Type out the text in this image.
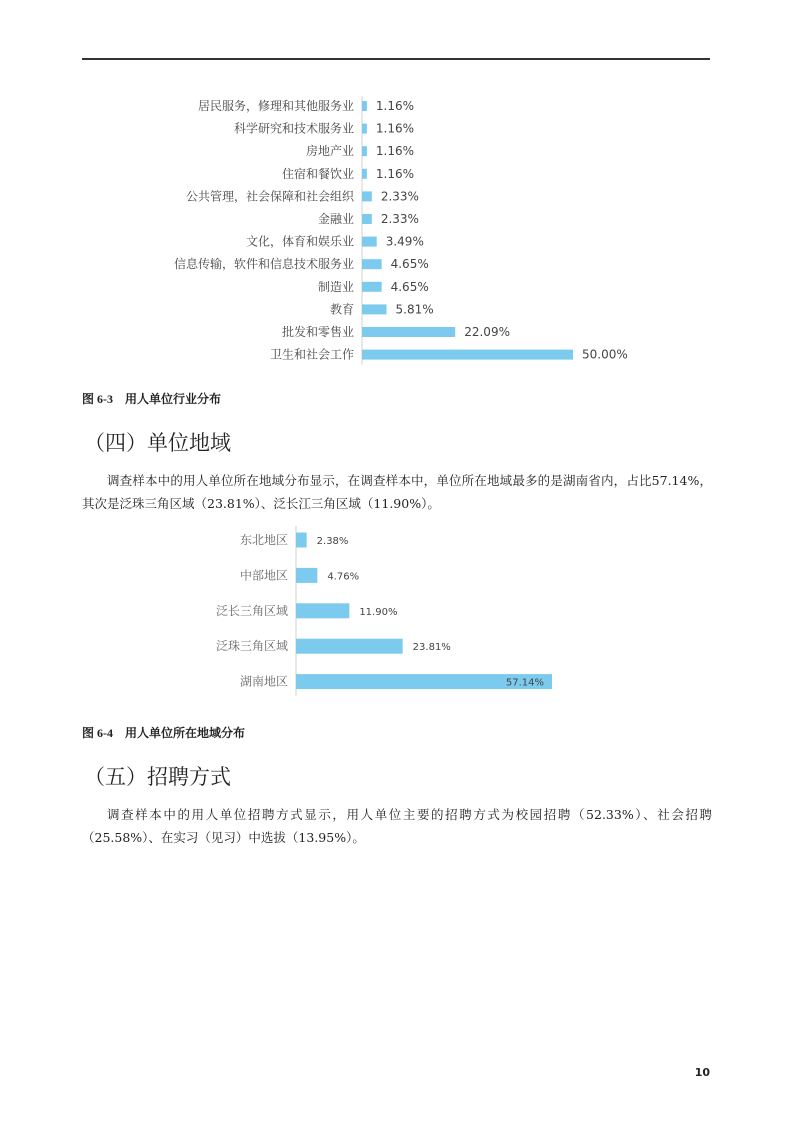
居民服务，修理和其他服务业 1.16%
科学研究和技术服务业 1.16%
房地产业 1.16%
住宿和餐饮业 1.16%
公共管理，社会保障和社会组织 2.33%
金融业 2.33%
文化，体育和娱乐业	3.49%
信息传输，软件和信息技术服务业	4.65%
制造业	4.65%
教育	5.81%
批发和零售业	22.09%
卫生和社会工作	50.00%

图 6-3 用人单位行业分布

（四）单位地域

调查样本中的用人单位所在地域分布显示，在调查样本中，单位所在地域最多的是湖南省内，占比57.14%，其次是泛珠三角区域（23.81%）、泛长江三角区域（11.90%）。

东北地区	2.38%
中部地区	4.76%
泛长三角区域	11.90%
泛珠三角区域	23.81%
湖南地区	57.14%

图 6-4 用人单位所在地域分布

（五）招聘方式

调查样本中的用人单位招聘方式显示，用人单位主要的招聘方式为校园招聘（52.33%）、社会招聘（25.58%）、在实习（见习）中选拔（13.95%）。

10
